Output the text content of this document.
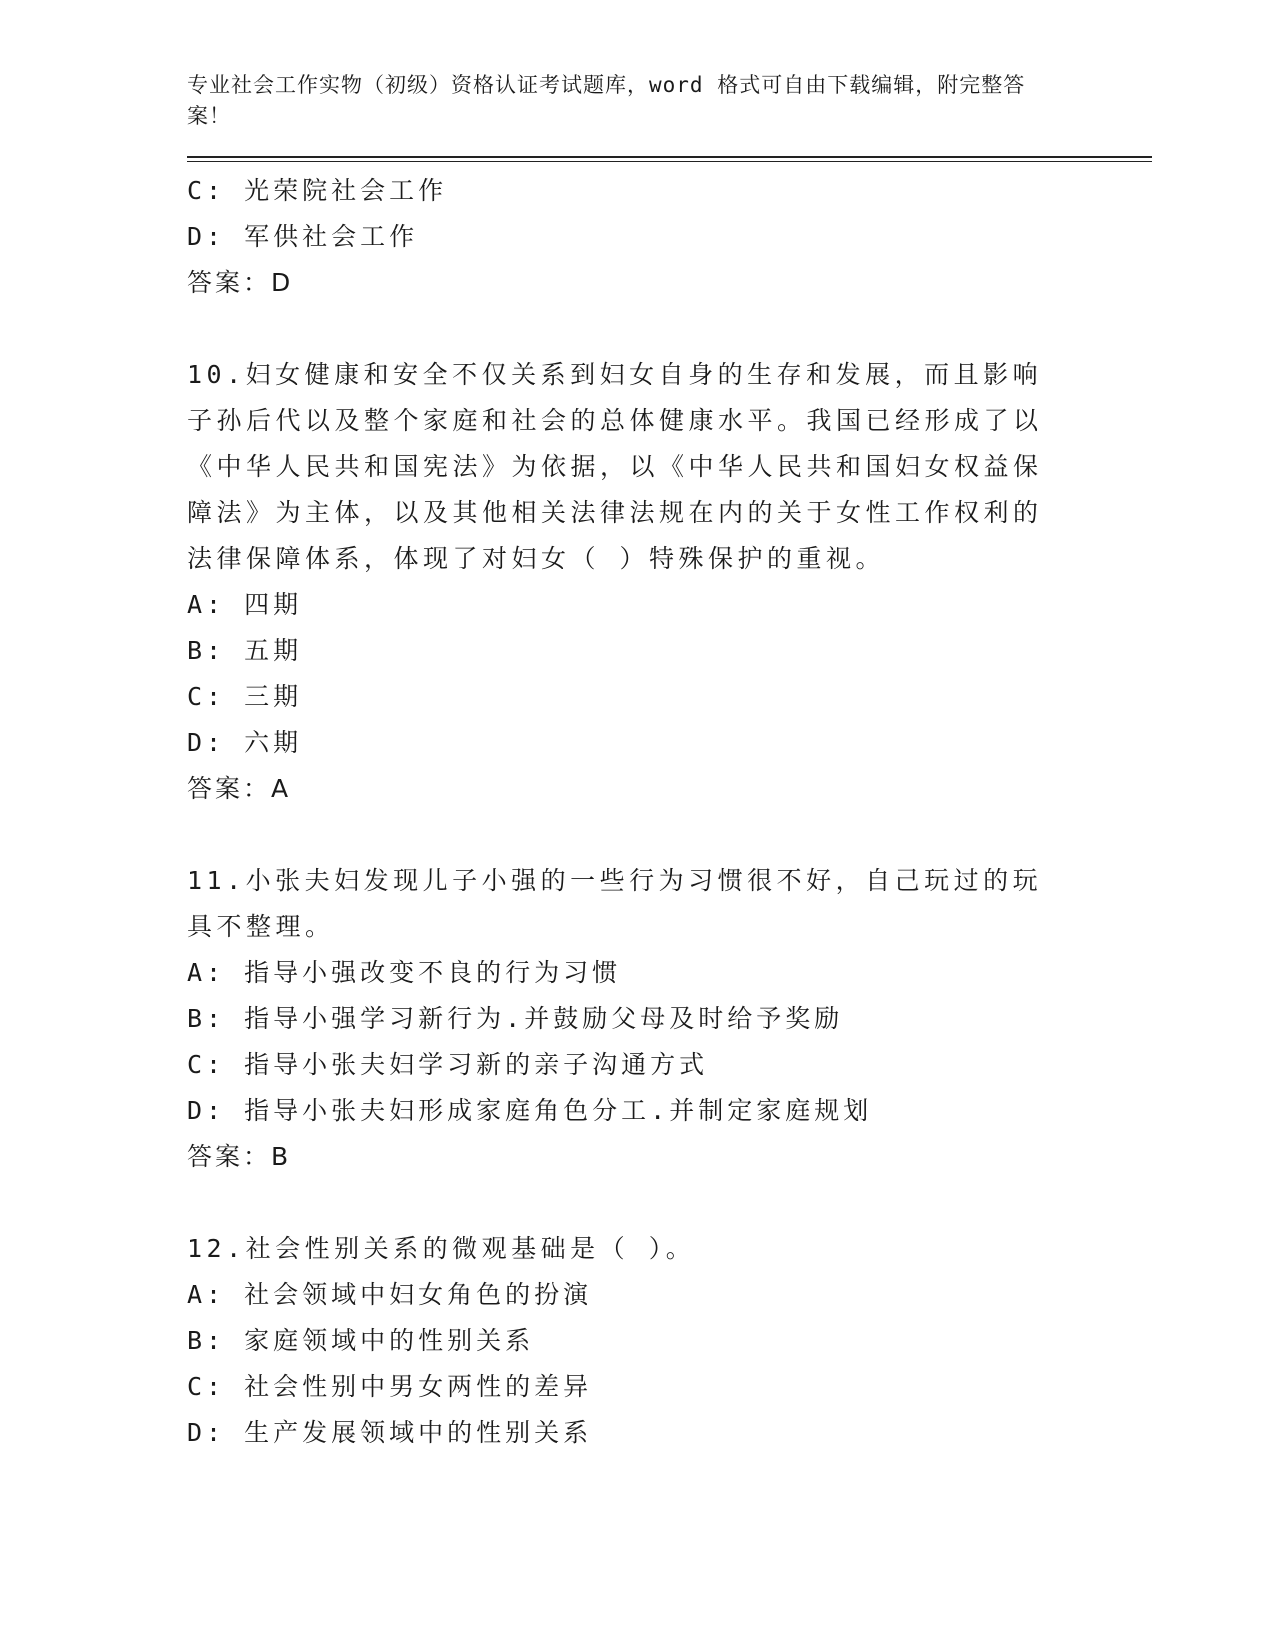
专业社会工作实物（初级）资格认证考试题库，word 格式可自由下载编辑，附完整答案！
C: 光荣院社会工作
D: 军供社会工作
答案：D
10.妇女健康和安全不仅关系到妇女自身的生存和发展，而且影响子孙后代以及整个家庭和社会的总体健康水平。我国已经形成了以《中华人民共和国宪法》为依据，以《中华人民共和国妇女权益保障法》为主体，以及其他相关法律法规在内的关于女性工作权利的法律保障体系，体现了对妇女（ ）特殊保护的重视。
A: 四期
B: 五期
C: 三期
D: 六期
答案：A
11.小张夫妇发现儿子小强的一些行为习惯很不好，自己玩过的玩具不整理。
A: 指导小强改变不良的行为习惯
B: 指导小强学习新行为.并鼓励父母及时给予奖励
C: 指导小张夫妇学习新的亲子沟通方式
D: 指导小张夫妇形成家庭角色分工.并制定家庭规划
答案：B
12.社会性别关系的微观基础是（ ）。
A: 社会领域中妇女角色的扮演
B: 家庭领域中的性别关系
C: 社会性别中男女两性的差异
D: 生产发展领域中的性别关系
